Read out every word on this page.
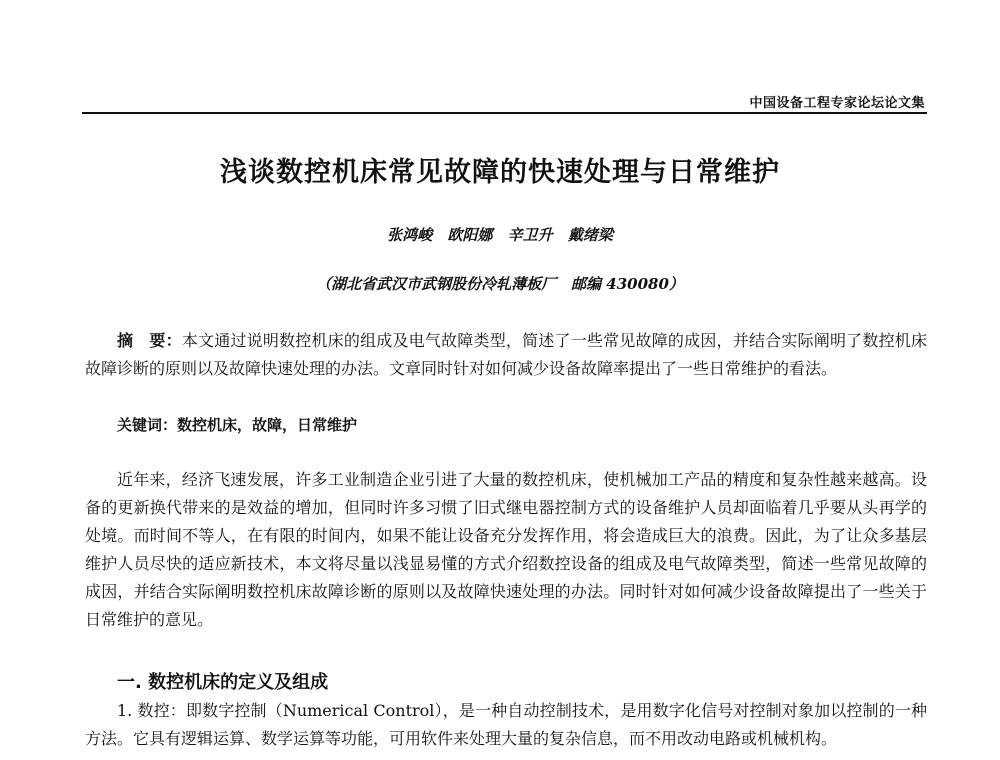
中国设备工程专家论坛论文集
浅谈数控机床常见故障的快速处理与日常维护
张鸿峻 欧阳娜 辛卫升 戴绪梁
（湖北省武汉市武钢股份冷轧薄板厂　邮编 430080）

摘　要：本文通过说明数控机床的组成及电气故障类型，简述了一些常见故障的成因，并结合实际阐明了数控机床故障诊断的原则以及故障快速处理的办法。文章同时针对如何减少设备故障率提出了一些日常维护的看法。

关键词：数控机床，故障，日常维护

近年来，经济飞速发展，许多工业制造企业引进了大量的数控机床，使机械加工产品的精度和复杂性越来越高。设备的更新换代带来的是效益的增加，但同时许多习惯了旧式继电器控制方式的设备维护人员却面临着几乎要从头再学的处境。而时间不等人，在有限的时间内，如果不能让设备充分发挥作用，将会造成巨大的浪费。因此，为了让众多基层维护人员尽快的适应新技术，本文将尽量以浅显易懂的方式介绍数控设备的组成及电气故障类型，简述一些常见故障的成因，并结合实际阐明数控机床故障诊断的原则以及故障快速处理的办法。同时针对如何减少设备故障提出了一些关于日常维护的意见。

一. 数控机床的定义及组成

1. 数控：即数字控制（Numerical Control），是一种自动控制技术，是用数字化信号对控制对象加以控制的一种方法。它具有逻辑运算、数学运算等功能，可用软件来处理大量的复杂信息，而不用改动电路或机械机构。
